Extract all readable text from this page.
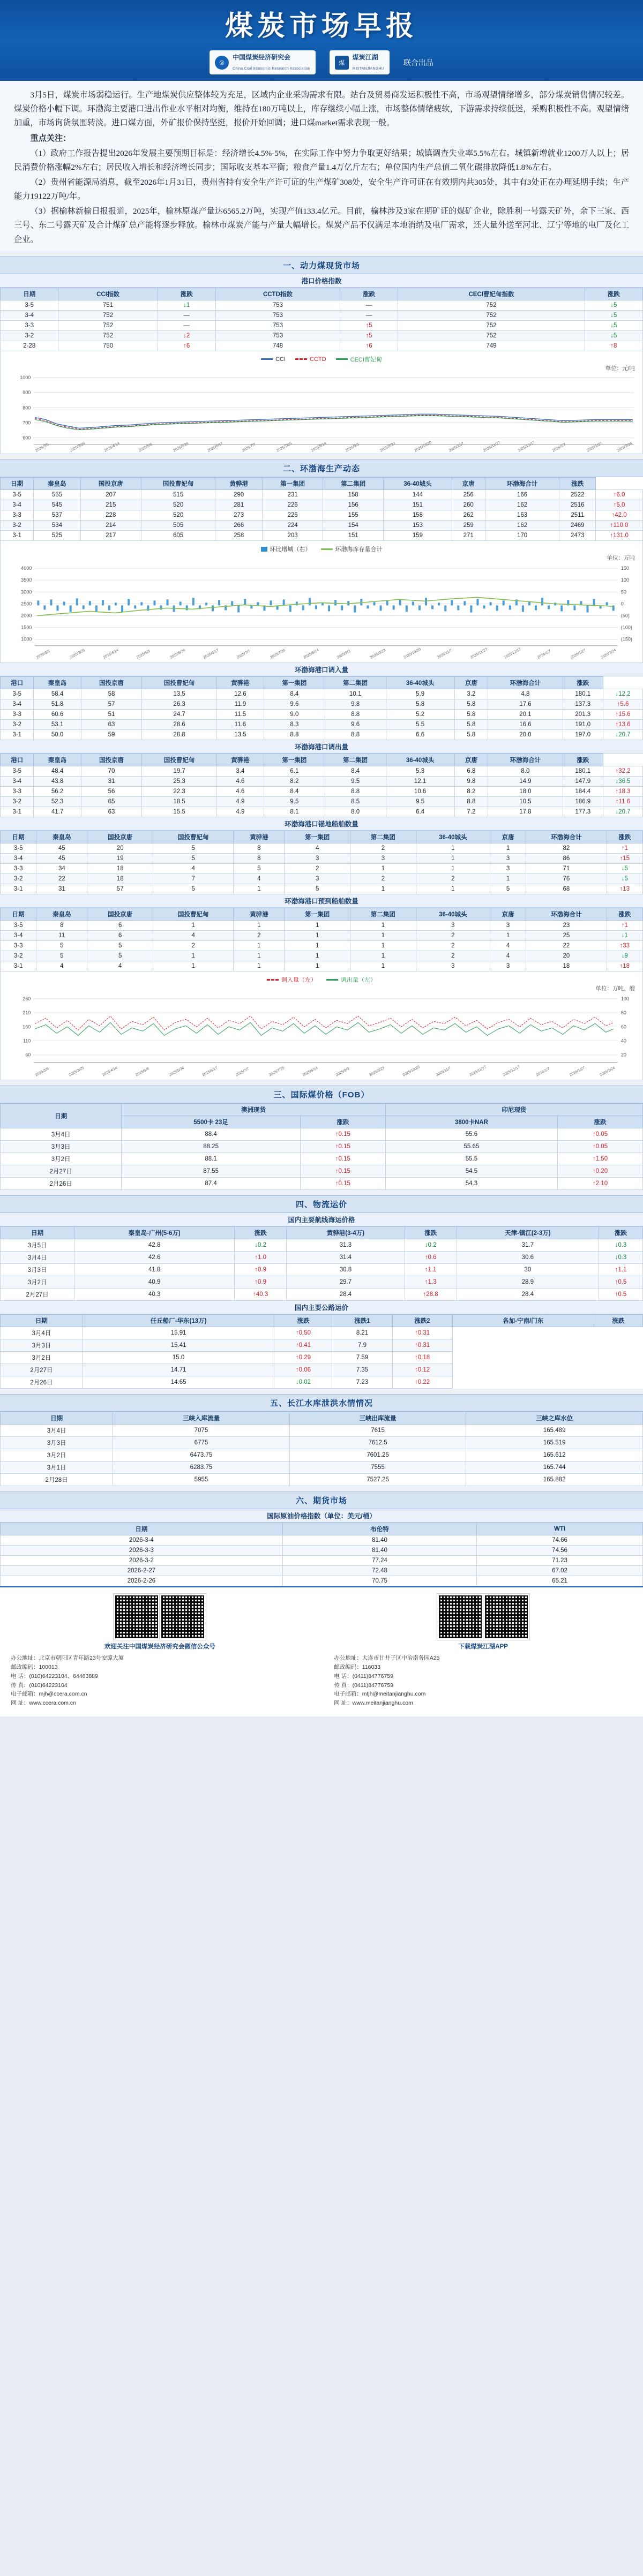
煤炭市场早报
◎
中国煤炭经济研究会
China Coal Economic Research Association
煤
煤炭江湖
MEITANJIANGHU
联合出品

3月5日，煤炭市场弱稳运行。生产地煤炭供应整体较为充足，区域内企业采购需求有限。站台及贸易商发运积极性不高，市场观望情绪增多，部分煤炭销售情况较差。煤炭价格小幅下调。环渤海主要港口进出作业水平相对均衡，维持在180万吨以上，库存继续小幅上涨，市场整体情绪疲软，下游需求持续低迷，采购积极性不高。观望情绪加重，市场询货氛围转淡。进口煤方面，外矿报价保持坚挺，报价开始回调；进口煤market需求表现一般。

重点关注：

（1）政府工作报告提出2026年发展主要预期目标是：经济增长4.5%-5%，在实际工作中努力争取更好结果；城镇调查失业率5.5%左右。城镇新增就业1200万人以上；居民消费价格涨幅2%左右；居民收入增长和经济增长同步；国际收支基本平衡；粮食产量1.4万亿斤左右；单位国内生产总值二氧化碳排放降低1.8%左右。

（2）贵州省能源局消息，截至2026年1月31日，贵州省持有安全生产许可证的生产煤矿308处，安全生产许可证在有效期内共305处，其中有3处正在办理延期手续；生产能力19122万吨/年。

（3）据榆林新榆日报报道，2025年，榆林原煤产量达6565.2万吨，实现产值133.4亿元。目前，榆林涉及3家在期矿证的煤矿企业，除胜利一号露天矿外，余下三家、西三号、东二号露天矿及合计煤矿总产能将逐步释放。榆林市煤炭产能与产量大幅增长。煤炭产品不仅满足本地消纳及电厂需求，还大量外送至河北、辽宁等地的电厂及化工企业。

一、动力煤现货市场
港口价格指数
日期	CCI指数	涨跌	CCTD指数	涨跌	CECI曹妃甸指数	涨跌
3-5	751	↓1	753	—	752	↓5
3-4	752	—	753	—	752	↓5
3-3	752	—	753	↑5	752	↓5
3-2	752	↓2	753	↑5	752	↓5
2-28	750	↑6	748	↑6	749	↑8
CCI	CCTD	CECI曹妃甸
单位：元/吨
1000
900
800
700
600
2025/3/5	2025/3/25	2025/4/14	2025/5/8	2025/5/28	2025/6/17	2025/7/7	2025/7/25	2025/8/14	2025/9/3	2025/9/23	2025/10/20	2025/11/7	2025/11/27	2025/12/17	2026/1/7	2026/1/27	2026/2/24
二、环渤海生产动态
日期	秦皇岛	国投京唐	国投曹妃甸	黄骅港	第一集团	第二集团	36-40城头	京唐	环渤海合计	涨跌	
3-5	555	207	515	290	231	158	144	256	166	2522	↑6.0
3-4	545	215	520	281	226	156	151	260	162	2516	↑5.0
3-3	537	228	520	273	226	155	158	262	163	2511	↑42.0
3-2	534	214	505	266	224	154	153	259	162	2469	↑110.0
3-1	525	217	605	258	203	151	159	271	170	2473	↑131.0
环比增城（右）	环渤海库存量合计
单位：万吨
4000
3500
3000
2500
2000
1500
1000
150
100
50
0
(50)
(100)
(150)
2025/3/5	2025/3/25	2025/4/14	2025/5/8	2025/5/28	2025/6/17	2025/7/7	2025/7/25	2025/8/14	2025/9/3	2025/9/23	2025/10/20	2025/11/7	2025/11/27	2025/12/17	2026/1/7	2026/1/27	2026/2/24
环渤海港口调入量
港口	秦皇岛	国投京唐	国投曹妃甸	黄骅港	第一集团	第二集团	36-40城头	京唐	环渤海合计	涨跌	
3-5	58.4	58	13.5	12.6	8.4	10.1	5.9	3.2	4.8	180.1	↓12.2
3-4	51.8	57	26.3	11.9	9.6	9.8	5.8	5.8	17.6	137.3	↑5.6
3-3	60.6	51	24.7	11.5	9.0	8.8	5.2	5.8	20.1	201.3	↑15.6
3-2	53.1	63	28.6	11.6	8.3	9.6	5.5	5.8	16.6	191.0	↑13.6
3-1	50.0	59	28.8	13.5	8.8	8.8	6.6	5.8	20.0	197.0	↓20.7
环渤海港口调出量
港口	秦皇岛	国投京唐	国投曹妃甸	黄骅港	第一集团	第二集团	36-40城头	京唐	环渤海合计	涨跌	
3-5	48.4	70	19.7	3.4	6.1	8.4	5.3	6.8	8.0	180.1	↑32.2
3-4	43.8	31	25.3	4.6	8.2	9.5	12.1	9.8	14.9	147.9	↓36.5
3-3	56.2	56	22.3	4.6	8.4	8.8	10.6	8.2	18.0	184.4	↑18.3
3-2	52.3	65	18.5	4.9	9.5	8.5	9.5	8.8	10.5	186.9	↑11.6
3-1	41.7	63	15.5	4.9	8.1	8.0	6.4	7.2	17.8	177.3	↓20.7
环渤海港口锚地船舶数量
日期	秦皇岛	国投京唐	国投曹妃甸	黄骅港	第一集团	第二集团	36-40城头	京唐	环渤海合计	涨跌
3-5	45	20	5	8	4	2	1	1	82	↑1
3-4	45	19	5	8	3	3	1	3	86	↑15
3-3	34	18	4	5	2	1	1	3	71	↓5
3-2	22	18	7	4	3	2	2	1	76	↓5
3-1	31	57	5	1	5	1	1	5	68	↑13
环渤海港口预到船舶数量
日期	秦皇岛	国投京唐	国投曹妃甸	黄骅港	第一集团	第二集团	36-40城头	京唐	环渤海合计	涨跌
3-5	8	6	1	1	1	1	3	3	23	↑1
3-4	11	6	4	2	1	1	2	1	25	↓1
3-3	5	5	2	1	1	1	2	4	22	↑33
3-2	5	5	1	1	1	1	2	4	20	↓9
3-1	4	4	1	1	1	1	3	3	18	↑18
调入量（左）	调出量（左）
单位：万吨、艘
260
210
160
110
60
100
80
60
40
20
2025/3/5	2025/3/25	2025/4/14	2025/5/8	2025/5/28	2025/6/17	2025/7/7	2025/7/25	2025/8/14	2025/9/3	2025/9/23	2025/10/20	2025/11/7	2025/11/27	2025/12/17	2026/1/7	2026/1/27	2026/2/24
三、国际煤价格（FOB）
日期	澳洲现货		印尼现货	
	5500卡 23足	涨跌	3800卡NAR	涨跌
3月4日	88.4	↑0.15	55.6	↑0.05
3月3日	88.25	↑0.15	55.65	↑0.05
3月2日	88.1	↑0.15	55.5	↑1.50
2月27日	87.55	↑0.15	54.5	↑0.20
2月26日	87.4	↑0.15	54.3	↑2.10
四、物流运价
国内主要航线海运价格
日期	秦皇岛-广州(5-6万)	涨跌	黄骅港(3-4万)	涨跌	天津-镇江(2-3万)	涨跌
3月5日	42.8	↓0.2	31.3	↓0.2	31.7	↓0.3
3月4日	42.6	↑1.0	31.4	↑0.6	30.6	↓0.3
3月3日	41.8	↑0.9	30.8	↑1.1	30	↑1.1
3月2日	40.9	↑0.9	29.7	↑1.3	28.9	↑0.5
2月27日	40.3	↑40.3	28.4	↑28.8	28.4	↑0.5
国内主要公路运价
日期	任丘船厂-华东(13万)	涨跌	涨跌1	涨跌2	各加-宁南/门东	涨跌
3月4日	15.91	↑0.50	8.21	↑0.31		
3月3日	15.41	↑0.41	7.9	↑0.31		
3月2日	15.0	↑0.29	7.59	↑0.18		
2月27日	14.71	↑0.06	7.35	↑0.12		
2月26日	14.65	↓0.02	7.23	↑0.22		
五、长江水库泄洪水情情况
日期	三峡入库流量	三峡出库流量	三峡之库水位
3月4日	7075	7615	165.489
3月3日	6775	7612.5	165.519
3月2日	6473.75	7601.25	165.612
3月1日	6283.75	7555	165.744
2月28日	5955	7527.25	165.882
六、期货市场
国际原油价格指数（单位：美元/桶）
日期	布伦特	WTI
2026-3-4	81.40	74.66
2026-3-3	81.40	74.56
2026-3-2	77.24	71.23
2026-2-27	72.48	67.02
2026-2-26	70.75	65.21
欢迎关注中国煤炭经济研究会微信公众号
办公地址：北京市朝阳区青年路23号安源大厦
邮政编码：100013
电 话：(010)64223104、64463889
传 真：(010)64223104
电子邮箱：mjh@ccera.com.cn
网 址：www.ccera.com.cn
下载煤炭江湖APP
办公地址：大连市甘井子区中冶南务园A25
邮政编码：116033
电 话：(0411)84776759
传 真：(0411)84776759
电子邮箱：mtjh@meitanjianghu.com
网 址：www.meitanjianghu.com
